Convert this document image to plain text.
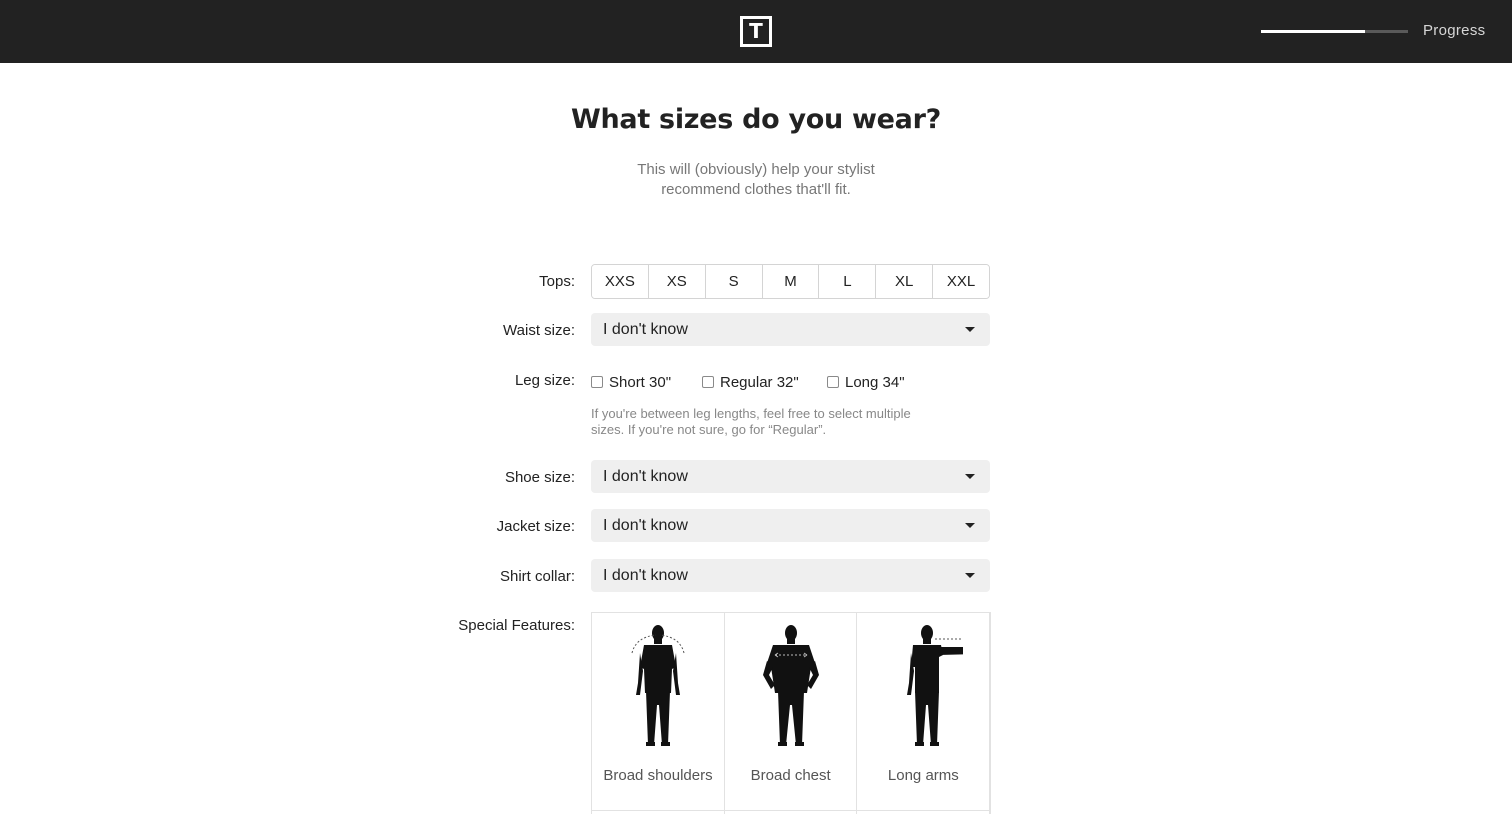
T	Progress
What sizes do you wear?

This will (obviously) help your stylist recommend clothes that'll fit.

Tops:	XXS	XS	S	M	L	XL	XXL
Waist size: I don't know
Leg size: Short 30"	Regular 32"	Long 34"

If you're between leg lengths, feel free to select multiple sizes. If you're not sure, go for “Regular”.

Shoe size: I don't know
Jacket size: I don't know
Shirt collar: I don't know
Special Features:
Broad shoulders	Broad chest	Long arms
